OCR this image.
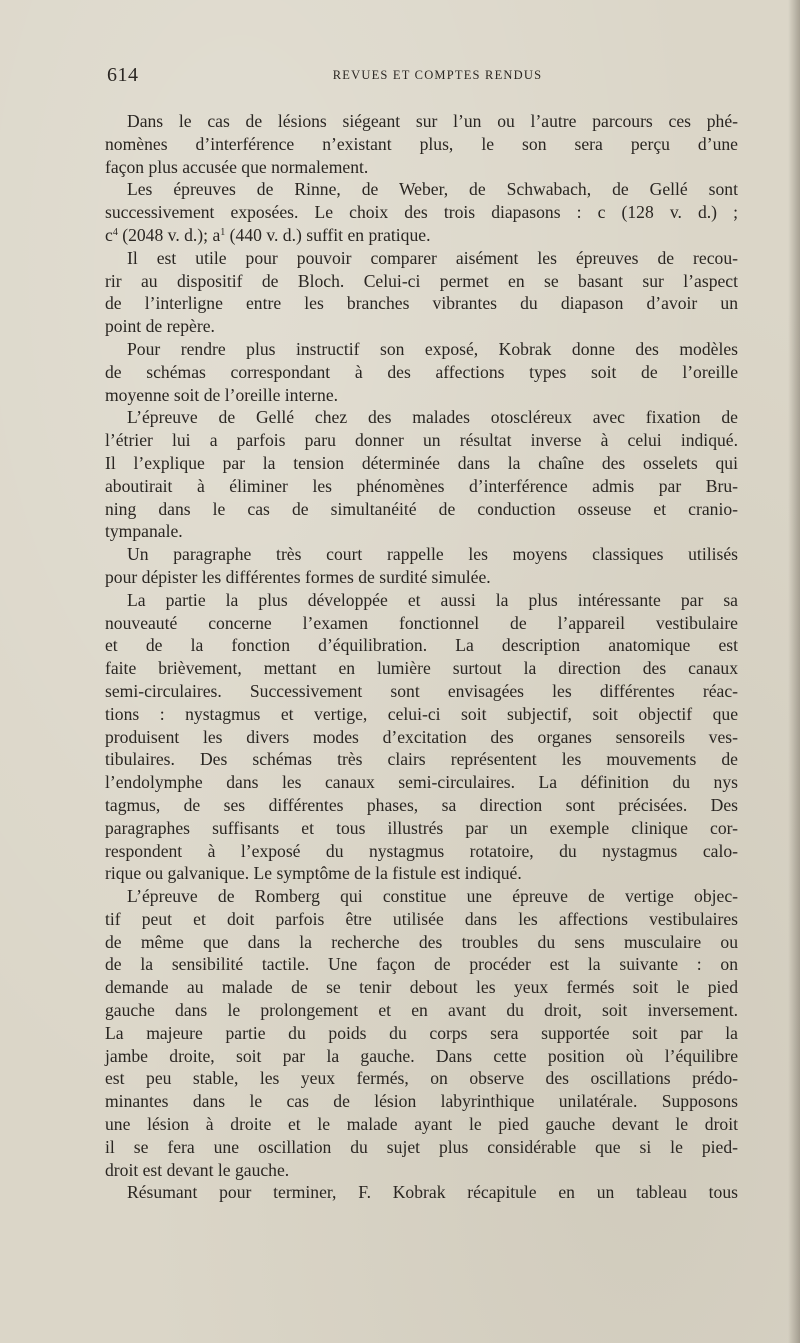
614	REVUES ET COMPTES RENDUS
Dans le cas de lésions siégeant sur l’un ou l’autre parcours ces phé-
nomènes d’interférence n’existant plus, le son sera perçu d’une
façon plus accusée que normalement.
Les épreuves de Rinne, de Weber, de Schwabach, de Gellé sont
successivement exposées. Le choix des trois diapasons : c (128 v. d.) ;
$c^4$ (2048 v. d.); $a^1$ (440 v. d.) suffit en pratique.
Il est utile pour pouvoir comparer aisément les épreuves de recou-
rir au dispositif de Bloch. Celui-ci permet en se basant sur l’aspect
de l’interligne entre les branches vibrantes du diapason d’avoir un
point de repère.
Pour rendre plus instructif son exposé, Kobrak donne des modèles
de schémas correspondant à des affections types soit de l’oreille
moyenne soit de l’oreille interne.
L’épreuve de Gellé chez des malades otoscléreux avec fixation de
l’étrier lui a parfois paru donner un résultat inverse à celui indiqué.
Il l’explique par la tension déterminée dans la chaîne des osselets qui
aboutirait à éliminer les phénomènes d’interférence admis par Bru-
ning dans le cas de simultanéité de conduction osseuse et cranio-
tympanale.
Un paragraphe très court rappelle les moyens classiques utilisés
pour dépister les différentes formes de surdité simulée.
La partie la plus développée et aussi la plus intéressante par sa
nouveauté concerne l’examen fonctionnel de l’appareil vestibulaire
et de la fonction d’équilibration. La description anatomique est
faite brièvement, mettant en lumière surtout la direction des canaux
semi-circulaires. Successivement sont envisagées les différentes réac-
tions : nystagmus et vertige, celui-ci soit subjectif, soit objectif que
produisent les divers modes d’excitation des organes sensoreils ves-
tibulaires. Des schémas très clairs représentent les mouvements de
l’endolymphe dans les canaux semi-circulaires. La définition du nys
tagmus, de ses différentes phases, sa direction sont précisées. Des
paragraphes suffisants et tous illustrés par un exemple clinique cor-
respondent à l’exposé du nystagmus rotatoire, du nystagmus calo-
rique ou galvanique. Le symptôme de la fistule est indiqué.
L’épreuve de Romberg qui constitue une épreuve de vertige objec-
tif peut et doit parfois être utilisée dans les affections vestibulaires
de même que dans la recherche des troubles du sens musculaire ou
de la sensibilité tactile. Une façon de procéder est la suivante : on
demande au malade de se tenir debout les yeux fermés soit le pied
gauche dans le prolongement et en avant du droit, soit inversement.
La majeure partie du poids du corps sera supportée soit par la
jambe droite, soit par la gauche. Dans cette position où l’équilibre
est peu stable, les yeux fermés, on observe des oscillations prédo-
minantes dans le cas de lésion labyrinthique unilatérale. Supposons
une lésion à droite et le malade ayant le pied gauche devant le droit
il se fera une oscillation du sujet plus considérable que si le pied-
droit est devant le gauche.
Résumant pour terminer, F. Kobrak récapitule en un tableau tous
